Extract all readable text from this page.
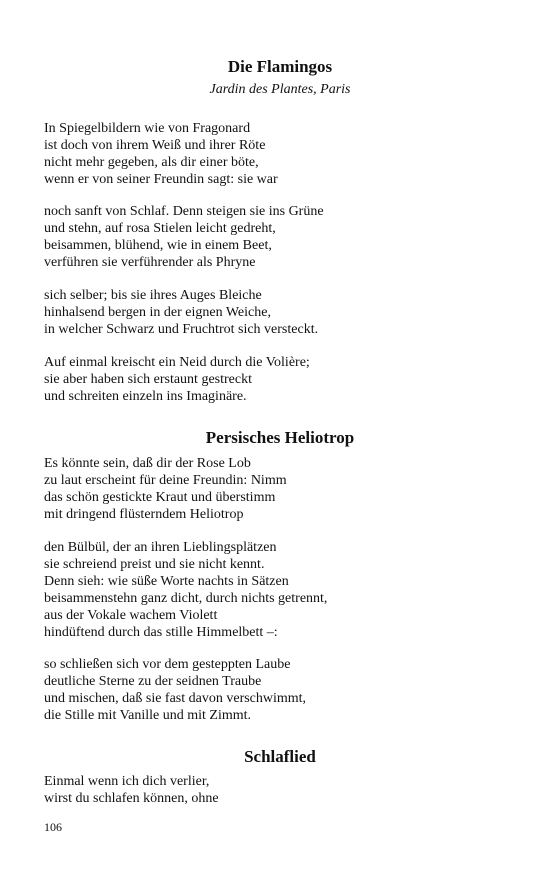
Die Flamingos
Jardin des Plantes, Paris
In Spiegelbildern wie von Fragonard
ist doch von ihrem Weiß und ihrer Röte
nicht mehr gegeben, als dir einer böte,
wenn er von seiner Freundin sagt: sie war
noch sanft von Schlaf. Denn steigen sie ins Grüne
und stehn, auf rosa Stielen leicht gedreht,
beisammen, blühend, wie in einem Beet,
verführen sie verführender als Phryne
sich selber; bis sie ihres Auges Bleiche
hinhalsend bergen in der eignen Weiche,
in welcher Schwarz und Fruchtrot sich versteckt.
Auf einmal kreischt ein Neid durch die Volière;
sie aber haben sich erstaunt gestreckt
und schreiten einzeln ins Imaginäre.
Persisches Heliotrop
Es könnte sein, daß dir der Rose Lob
zu laut erscheint für deine Freundin: Nimm
das schön gestickte Kraut und überstimm
mit dringend flüsterndem Heliotrop
den Bülbül, der an ihren Lieblingsplätzen
sie schreiend preist und sie nicht kennt.
Denn sieh: wie süße Worte nachts in Sätzen
beisammenstehn ganz dicht, durch nichts getrennt,
aus der Vokale wachem Violett
hindüftend durch das stille Himmelbett –:
so schließen sich vor dem gesteppten Laube
deutliche Sterne zu der seidnen Traube
und mischen, daß sie fast davon verschwimmt,
die Stille mit Vanille und mit Zimmt.
Schlaflied
Einmal wenn ich dich verlier,
wirst du schlafen können, ohne
106
